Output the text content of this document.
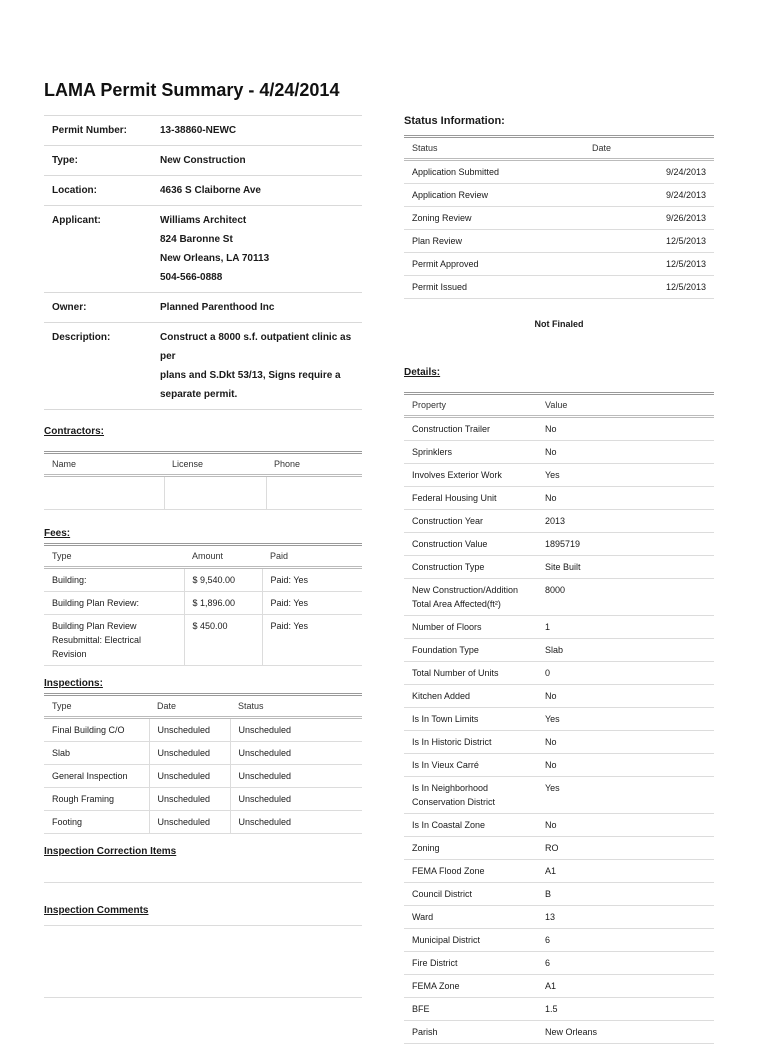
LAMA Permit Summary - 4/24/2014
Permit Number:	13-38860-NEWC
Type:	New Construction
Location:	4636 S Claiborne Ave
Applicant:	Williams Architect
824 Baronne St
New Orleans, LA 70113
504-566-0888
Owner:	Planned Parenthood Inc
Description:	Construct a 8000 s.f. outpatient clinic as per
plans and S.Dkt 53/13, Signs require a
separate permit.
Contractors:
Name	License	Phone

Fees:
Type	Amount	Paid
Building:	$ 9,540.00	Paid: Yes
Building Plan Review:	$ 1,896.00	Paid: Yes
Building Plan Review Resubmittal: Electrical Revision	$ 450.00	Paid: Yes
Inspections:
Type	Date	Status
Final Building C/O	Unscheduled	Unscheduled
Slab	Unscheduled	Unscheduled
General Inspection	Unscheduled	Unscheduled
Rough Framing	Unscheduled	Unscheduled
Footing	Unscheduled	Unscheduled
Inspection Correction Items
Inspection Comments
Status Information:
Status	Date
Application Submitted	9/24/2013
Application Review	9/24/2013
Zoning Review	9/26/2013
Plan Review	12/5/2013
Permit Approved	12/5/2013
Permit Issued	12/5/2013
Not Finaled
Details:
Property	Value
Construction Trailer	No
Sprinklers	No
Involves Exterior Work	Yes
Federal Housing Unit	No
Construction Year	2013
Construction Value	1895719
Construction Type	Site Built
New Construction/Addition Total Area Affected(ft²)	8000
Number of Floors	1
Foundation Type	Slab
Total Number of Units	0
Kitchen Added	No
Is In Town Limits	Yes
Is In Historic District	No
Is In Vieux Carré	No
Is In Neighborhood Conservation District	Yes
Is In Coastal Zone	No
Zoning	RO
FEMA Flood Zone	A1
Council District	B
Ward	13
Municipal District	6
Fire District	6
FEMA Zone	A1
BFE	1.5
Parish	New Orleans
